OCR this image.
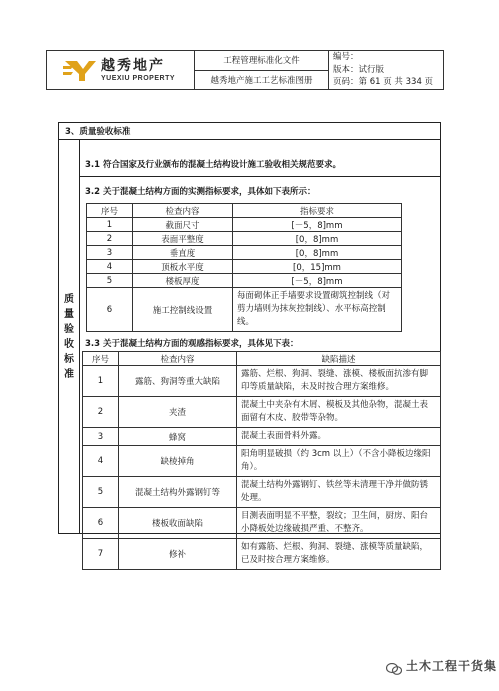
越秀地产
YUEXIU PROPERTY
工程管理标准化文件
越秀地产施工工艺标准图册
编号：
版本：试行版
页码：第 61 页 共 334 页
3、质量验收标准
质
量
验
收
标
准
3.1 符合国家及行业颁布的混凝土结构设计施工验收相关规范要求。
3.2 关于混凝土结构方面的实测指标要求，具体如下表所示：
序号	检查内容	指标要求
1	截面尺寸	[－5，8]mm
2	表面平整度	[0，8]mm
3	垂直度	[0，8]mm
4	顶板水平度	[0，15]mm
5	楼板厚度	[－5，8]mm
6	施工控制线设置	每面砌体正手墙要求设置砌筑控制线（对剪力墙则为抹灰控制线）、水平标高控制线。
3.3 关于混凝土结构方面的观感指标要求，具体见下表：
序号	检查内容	缺陷描述
1	露筋、狗洞等重大缺陷	露筋、烂根、狗洞、裂缝、涨模、楼板面抗渗有脚印等质量缺陷，未及时按合理方案维修。
2	夹渣	混凝土中夹杂有木屑、模板及其他杂物，混凝土表面留有木皮、胶带等杂物。
3	蜂窝	混凝土表面骨料外露。
4	缺棱掉角	阳角明显破损（约 3cm 以上）（不含小降板边缘阳角）。
5	混凝土结构外露钢钉等	混凝土结构外露钢钉、铁丝等未清理干净并做防锈处理。
6	楼板收面缺陷	目测表面明显不平整，裂纹；卫生间，厨房、阳台小降板处边缘破损严重、不整齐。
7	修补	如有露筋、烂根、狗洞、裂缝、涨模等质量缺陷，已及时按合理方案维修。
土木工程干货集
